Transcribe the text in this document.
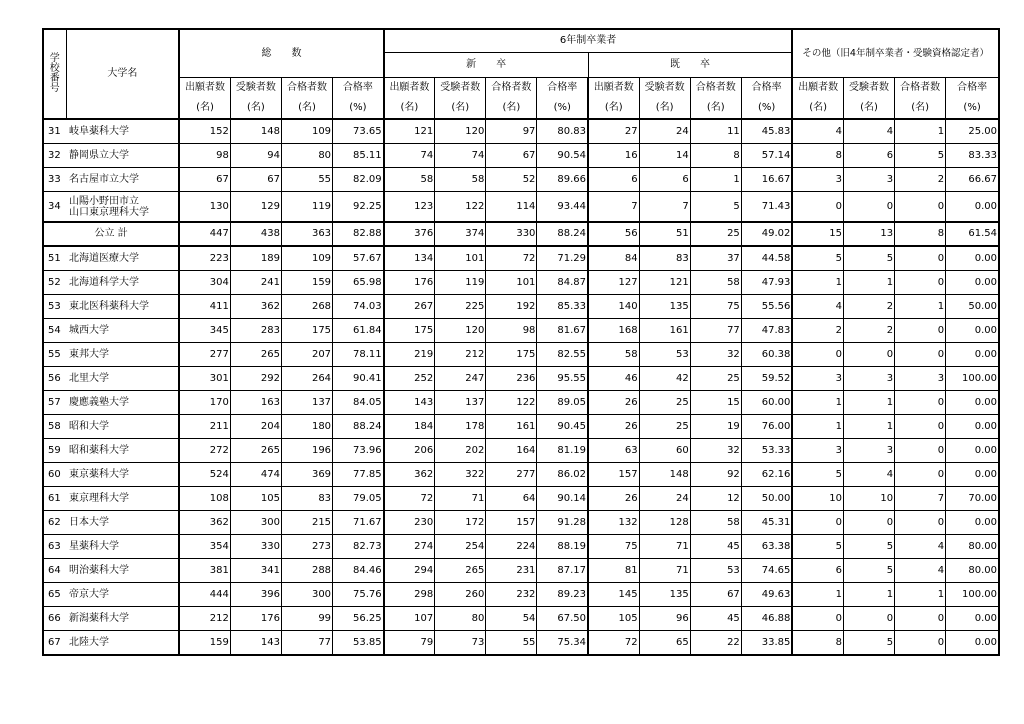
学
校
番
号	大学名	総　　数				6年制卒業者								その他（旧4年制卒業者・受験資格認定者）			
						新　　卒				既　　卒							
		出願者数	受験者数	合格者数	合格率	出願者数	受験者数	合格者数	合格率	出願者数	受験者数	合格者数	合格率	出願者数	受験者数	合格者数	合格率
		(名)	(名)	(名)	(%)	(名)	(名)	(名)	(%)	(名)	(名)	(名)	(%)	(名)	(名)	(名)	(%)
31	岐阜薬科大学	152	148	109	73.65	121	120	97	80.83	27	24	11	45.83	4	4	1	25.00
32	静岡県立大学	98	94	80	85.11	74	74	67	90.54	16	14	8	57.14	8	6	5	83.33
33	名古屋市立大学	67	67	55	82.09	58	58	52	89.66	6	6	1	16.67	3	3	2	66.67
34	山陽小野田市立
山口東京理科大学	130	129	119	92.25	123	122	114	93.44	7	7	5	71.43	0	0	0	0.00
公立 計		447	438	363	82.88	376	374	330	88.24	56	51	25	49.02	15	13	8	61.54
51	北海道医療大学	223	189	109	57.67	134	101	72	71.29	84	83	37	44.58	5	5	0	0.00
52	北海道科学大学	304	241	159	65.98	176	119	101	84.87	127	121	58	47.93	1	1	0	0.00
53	東北医科薬科大学	411	362	268	74.03	267	225	192	85.33	140	135	75	55.56	4	2	1	50.00
54	城西大学	345	283	175	61.84	175	120	98	81.67	168	161	77	47.83	2	2	0	0.00
55	東邦大学	277	265	207	78.11	219	212	175	82.55	58	53	32	60.38	0	0	0	0.00
56	北里大学	301	292	264	90.41	252	247	236	95.55	46	42	25	59.52	3	3	3	100.00
57	慶應義塾大学	170	163	137	84.05	143	137	122	89.05	26	25	15	60.00	1	1	0	0.00
58	昭和大学	211	204	180	88.24	184	178	161	90.45	26	25	19	76.00	1	1	0	0.00
59	昭和薬科大学	272	265	196	73.96	206	202	164	81.19	63	60	32	53.33	3	3	0	0.00
60	東京薬科大学	524	474	369	77.85	362	322	277	86.02	157	148	92	62.16	5	4	0	0.00
61	東京理科大学	108	105	83	79.05	72	71	64	90.14	26	24	12	50.00	10	10	7	70.00
62	日本大学	362	300	215	71.67	230	172	157	91.28	132	128	58	45.31	0	0	0	0.00
63	星薬科大学	354	330	273	82.73	274	254	224	88.19	75	71	45	63.38	5	5	4	80.00
64	明治薬科大学	381	341	288	84.46	294	265	231	87.17	81	71	53	74.65	6	5	4	80.00
65	帝京大学	444	396	300	75.76	298	260	232	89.23	145	135	67	49.63	1	1	1	100.00
66	新潟薬科大学	212	176	99	56.25	107	80	54	67.50	105	96	45	46.88	0	0	0	0.00
67	北陸大学	159	143	77	53.85	79	73	55	75.34	72	65	22	33.85	8	5	0	0.00
